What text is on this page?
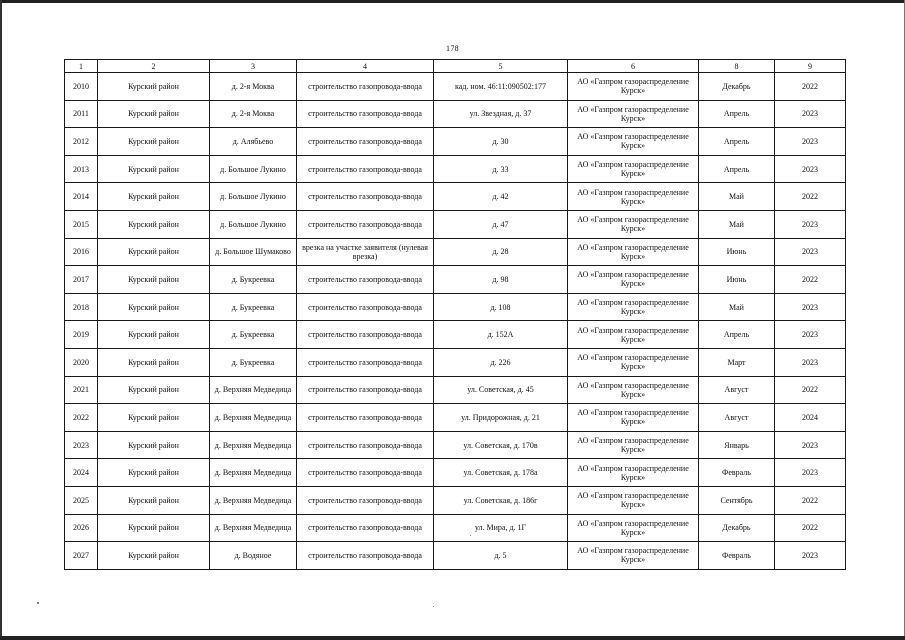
178
1	2	3	4	5	6	8	9
2010	Курский район	д. 2-я Моква	строительство газопровода-ввода	кад. ном. 46:11:090502:177	АО «Газпром газораспределение Курск»	Декабрь	2022
2011	Курский район	д. 2-я Моква	строительство газопровода-ввода	ул. Звездная, д. 37	АО «Газпром газораспределение Курск»	Апрель	2023
2012	Курский район	д. Алябьево	строительство газопровода-ввода	д. 30	АО «Газпром газораспределение Курск»	Апрель	2023
2013	Курский район	д. Большое Лукино	строительство газопровода-ввода	д. 33	АО «Газпром газораспределение Курск»	Апрель	2023
2014	Курский район	д. Большое Лукино	строительство газопровода-ввода	д. 42	АО «Газпром газораспределение Курск»	Май	2022
2015	Курский район	д. Большое Лукино	строительство газопровода-ввода	д. 47	АО «Газпром газораспределение Курск»	Май	2023
2016	Курский район	д. Большое Шумаково	врезка на участке заявителя (нулевая врезка)	д. 28	АО «Газпром газораспределение Курск»	Июнь	2023
2017	Курский район	д. Букреевка	строительство газопровода-ввода	д. 98	АО «Газпром газораспределение Курск»	Июнь	2022
2018	Курский район	д. Букреевка	строительство газопровода-ввода	д. 108	АО «Газпром газораспределение Курск»	Май	2023
2019	Курский район	д. Букреевка	строительство газопровода-ввода	д. 152А	АО «Газпром газораспределение Курск»	Апрель	2023
2020	Курский район	д. Букреевка	строительство газопровода-ввода	д. 226	АО «Газпром газораспределение Курск»	Март	2023
2021	Курский район	д. Верхняя Медведица	строительство газопровода-ввода	ул. Советская, д. 45	АО «Газпром газораспределение Курск»	Август	2022
2022	Курский район	д. Верхняя Медведица	строительство газопровода-ввода	ул. Придорожная, д. 21	АО «Газпром газораспределение Курск»	Август	2024
2023	Курский район	д. Верхняя Медведица	строительство газопровода-ввода	ул. Советская, д. 170в	АО «Газпром газораспределение Курск»	Январь	2023
2024	Курский район	д. Верхняя Медведица	строительство газопровода-ввода	ул. Советская, д. 178а	АО «Газпром газораспределение Курск»	Февраль	2023
2025	Курский район	д. Верхняя Медведица	строительство газопровода-ввода	ул. Советская, д. 186г	АО «Газпром газораспределение Курск»	Сентябрь	2022
2026	Курский район	д. Верхняя Медведица	строительство газопровода-ввода	ул. Мира, д. 1Г	АО «Газпром газораспределение Курск»	Декабрь	2022
2027	Курский район	д. Водяное	строительство газопровода-ввода	д. 5	АО «Газпром газораспределение Курск»	Февраль	2023
